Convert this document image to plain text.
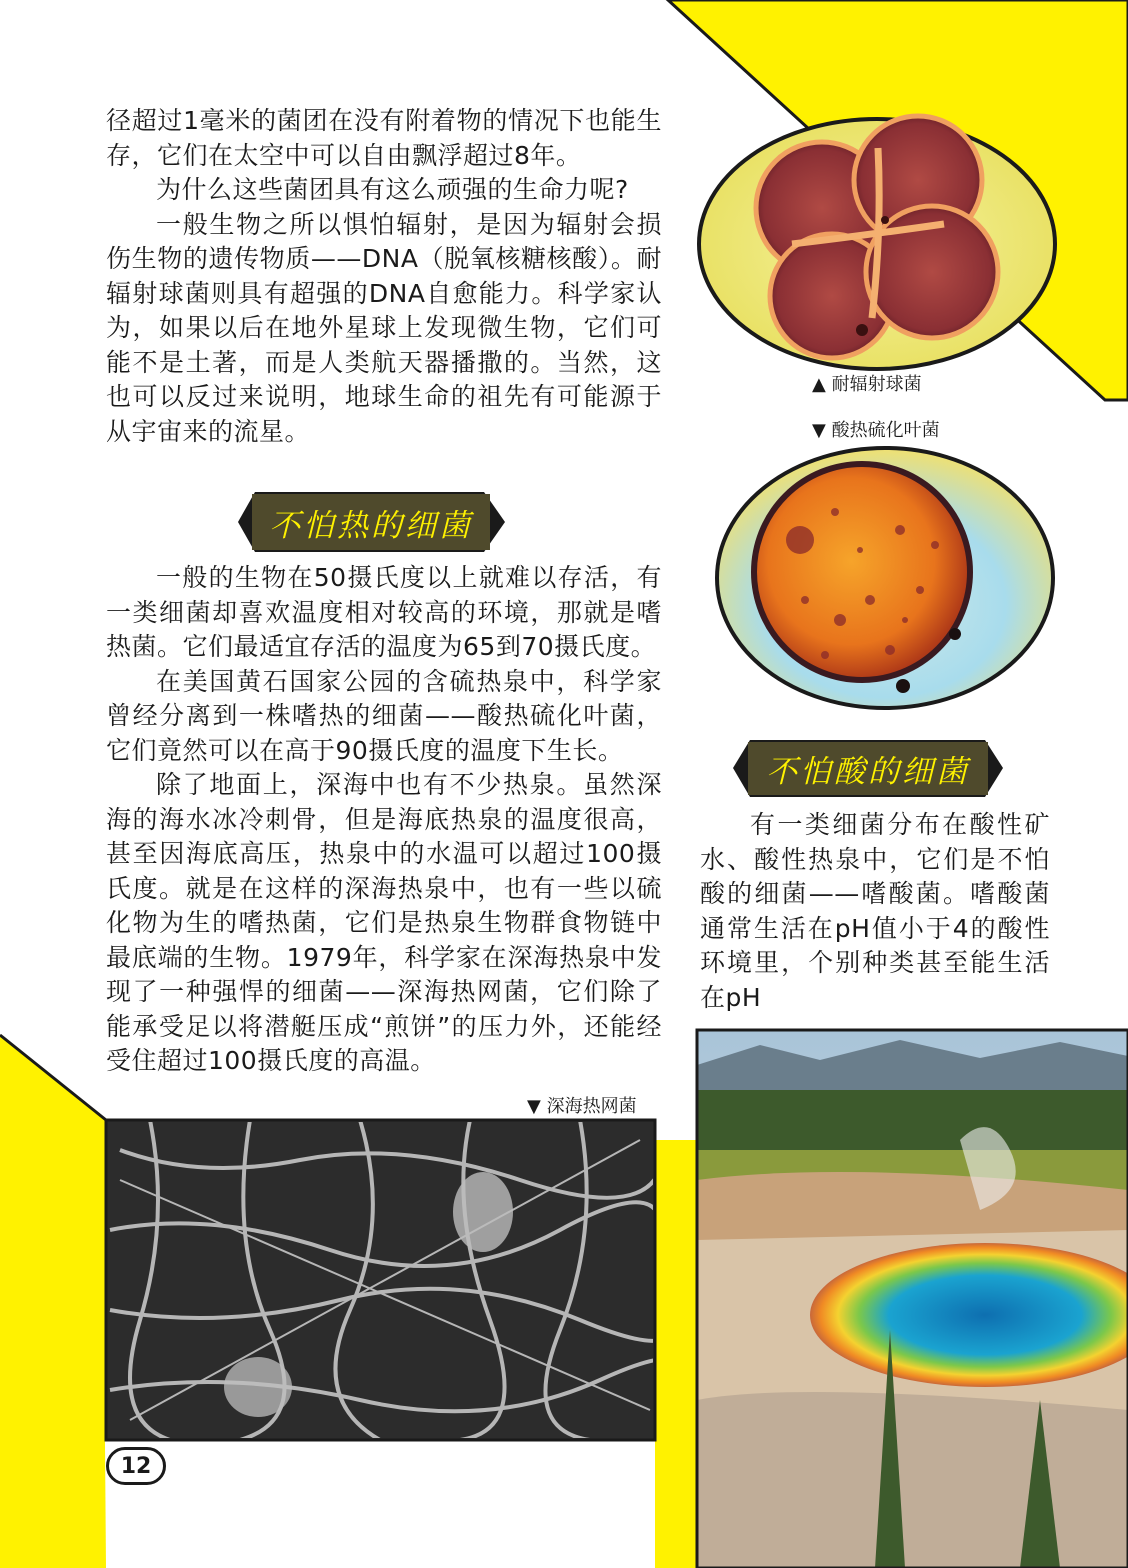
径超过1毫米的菌团在没有附着物的情况下也能生存，它们在太空中可以自由飘浮超过8年。

为什么这些菌团具有这么顽强的生命力呢?

一般生物之所以惧怕辐射，是因为辐射会损伤生物的遗传物质——DNA（脱氧核糖核酸）。耐辐射球菌则具有超强的DNA自愈能力。科学家认为，如果以后在地外星球上发现微生物，它们可能不是土著，而是人类航天器播撒的。当然，这也可以反过来说明，地球生命的祖先有可能源于从宇宙来的流星。

不怕热的细菌

一般的生物在50摄氏度以上就难以存活，有一类细菌却喜欢温度相对较高的环境，那就是嗜热菌。它们最适宜存活的温度为65到70摄氏度。

在美国黄石国家公园的含硫热泉中，科学家曾经分离到一株嗜热的细菌——酸热硫化叶菌，它们竟然可以在高于90摄氏度的温度下生长。

除了地面上，深海中也有不少热泉。虽然深海的海水冰冷刺骨，但是海底热泉的温度很高，甚至因海底高压，热泉中的水温可以超过100摄氏度。就是在这样的深海热泉中，也有一些以硫化物为生的嗜热菌，它们是热泉生物群食物链中最底端的生物。1979年，科学家在深海热泉中发现了一种强悍的细菌——深海热网菌，它们除了能承受足以将潜艇压成“煎饼”的压力外，还能经受住超过100摄氏度的高温。

不怕酸的细菌

有一类细菌分布在酸性矿水、酸性热泉中，它们是不怕酸的细菌——嗜酸菌。嗜酸菌通常生活在pH值小于4的酸性环境里，个别种类甚至能生活在pH

▲ 耐辐射球菌
▼ 酸热硫化叶菌
▼ 深海热网菌
12
